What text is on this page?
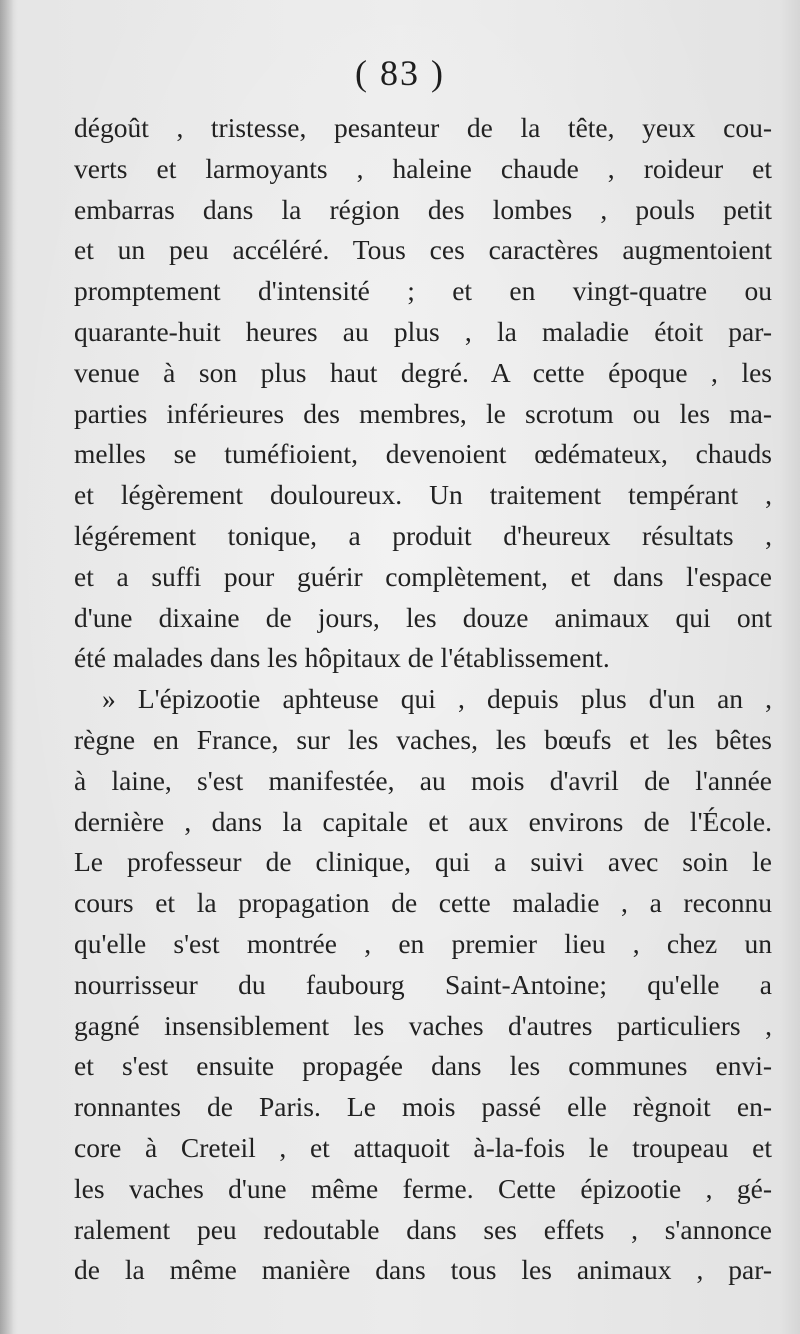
( 83 )
dégoût , tristesse, pesanteur de la tête, yeux cou-
verts et larmoyants , haleine chaude , roideur et
embarras dans la région des lombes , pouls petit
et un peu accéléré. Tous ces caractères augmentoient
promptement d'intensité ; et en vingt-quatre ou
quarante-huit heures au plus , la maladie étoit par-
venue à son plus haut degré. A cette époque , les
parties inférieures des membres, le scrotum ou les ma-
melles se tuméfioient, devenoient œdémateux, chauds
et légèrement douloureux. Un traitement tempérant ,
légérement tonique, a produit d'heureux résultats ,
et a suffi pour guérir complètement, et dans l'espace
d'une dixaine de jours, les douze animaux qui ont
été malades dans les hôpitaux de l'établissement.
» L'épizootie aphteuse qui , depuis plus d'un an ,
règne en France, sur les vaches, les bœufs et les bêtes
à laine, s'est manifestée, au mois d'avril de l'année
dernière , dans la capitale et aux environs de l'École.
Le professeur de clinique, qui a suivi avec soin le
cours et la propagation de cette maladie , a reconnu
qu'elle s'est montrée , en premier lieu , chez un
nourrisseur du faubourg Saint-Antoine; qu'elle a
gagné insensiblement les vaches d'autres particuliers ,
et s'est ensuite propagée dans les communes envi-
ronnantes de Paris. Le mois passé elle règnoit en-
core à Creteil , et attaquoit à-la-fois le troupeau et
les vaches d'une même ferme. Cette épizootie , gé-
ralement peu redoutable dans ses effets , s'annonce
de la même manière dans tous les animaux , par-
